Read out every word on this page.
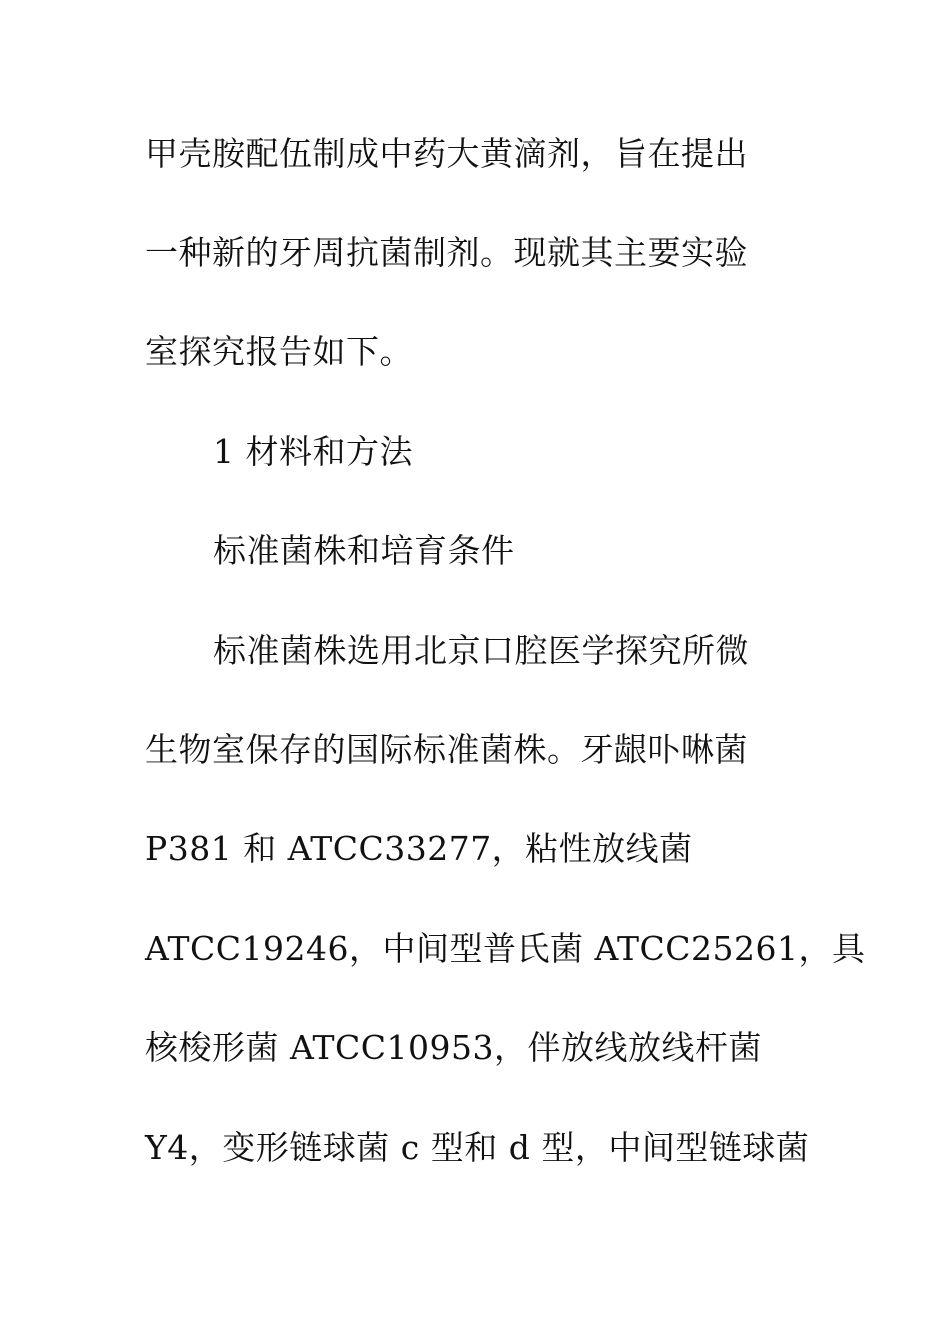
甲壳胺配伍制成中药大黄滴剂，旨在提出
一种新的牙周抗菌制剂。现就其主要实验
室探究报告如下。
1 材料和方法
标准菌株和培育条件
标准菌株选用北京口腔医学探究所微
生物室保存的国际标准菌株。牙龈卟啉菌
P381 和 ATCC33277，粘性放线菌
ATCC19246，中间型普氏菌 ATCC25261，具
核梭形菌 ATCC10953，伴放线放线杆菌
Y4，变形链球菌 c 型和 d 型，中间型链球菌
